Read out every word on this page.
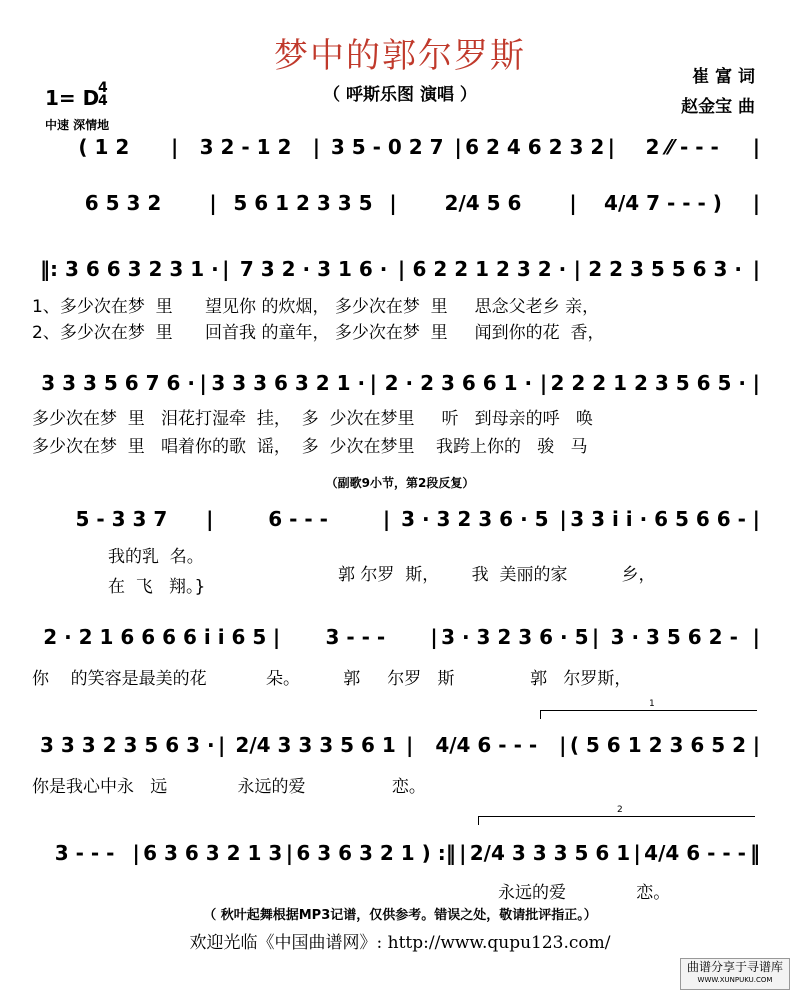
梦中的郭尔罗斯
（ 呼斯乐图 演唱 ）
崔 富 词
赵金宝 曲
1= D
4
4
中速 深情地
( 1 2	|	3 2 - 1 2	| 3 5 - 0 2 7 | 6 2 4 6 2 3 2 |	2 ⁄⁄ - - -	|
6 5 3 2	| 5 6 1 2 3 3 5 |	2/4 5 6	|	4/4 7 - - - )	|
‖: 3 6 6 3 2 3 1 · | 7 3 2 · 3 1 6 · | 6 2 2 1 2 3 2 · | 2 2 3 5 5 6 3 · |
1、多少次在梦  里      望见你 的炊烟， 多少次在梦  里     思念父老乡 亲，
2、多少次在梦  里      回首我 的童年， 多少次在梦  里     闻到你的花  香，
3 3 3 5 6 7 6 · | 3 3 3 6 3 2 1 · | 2 · 2 3 6 6 1 · | 2 2 2 1 2 3 5 6 5 · |
多少次在梦  里   泪花打湿牵  挂，  多  少次在梦里     听   到母亲的呼   唤
多少次在梦  里   唱着你的歌  谣，  多  少次在梦里    我跨上你的   骏   马
（副歌9小节，第2段反复）
5 - 3 3 7	|	6 - - -	| 3 · 3 2 3 6 · 5 | 3 3 i i · 6 5 6 6 - |
我的乳  名。
在  飞   翔。}
郭 尔罗  斯，      我  美丽的家          乡，
2 · 2 1 6 6 6 6 i i 6 5 |	3 - - -	| 3 · 3 2 3 6 · 5 | 3 · 3 5 6 2 - |
你    的笑容是最美的花           朵。        郭     尔罗   斯              郭   尔罗斯，
1
3 3 3 2 3 5 6 3 · | 2/4 3 3 3 5 6 1 |	4/4 6 - - -	| ( 5 6 1 2 3 6 5 2 |
你是我心中永   远             永远的爱                恋。
2
3 - - - | 6 3 6 3 2 1 3 | 6 3 6 3 2 1 ) :‖ | 2/4 3 3 3 5 6 1 | 4/4 6 - - - ‖
永远的爱             恋。
（ 秋叶起舞根据MP3记谱，仅供参考。错误之处，敬请批评指正。）
欢迎光临《中国曲谱网》: http://www.qupu123.com/
曲谱分享于寻谱库
WWW.XUNPUKU.COM
